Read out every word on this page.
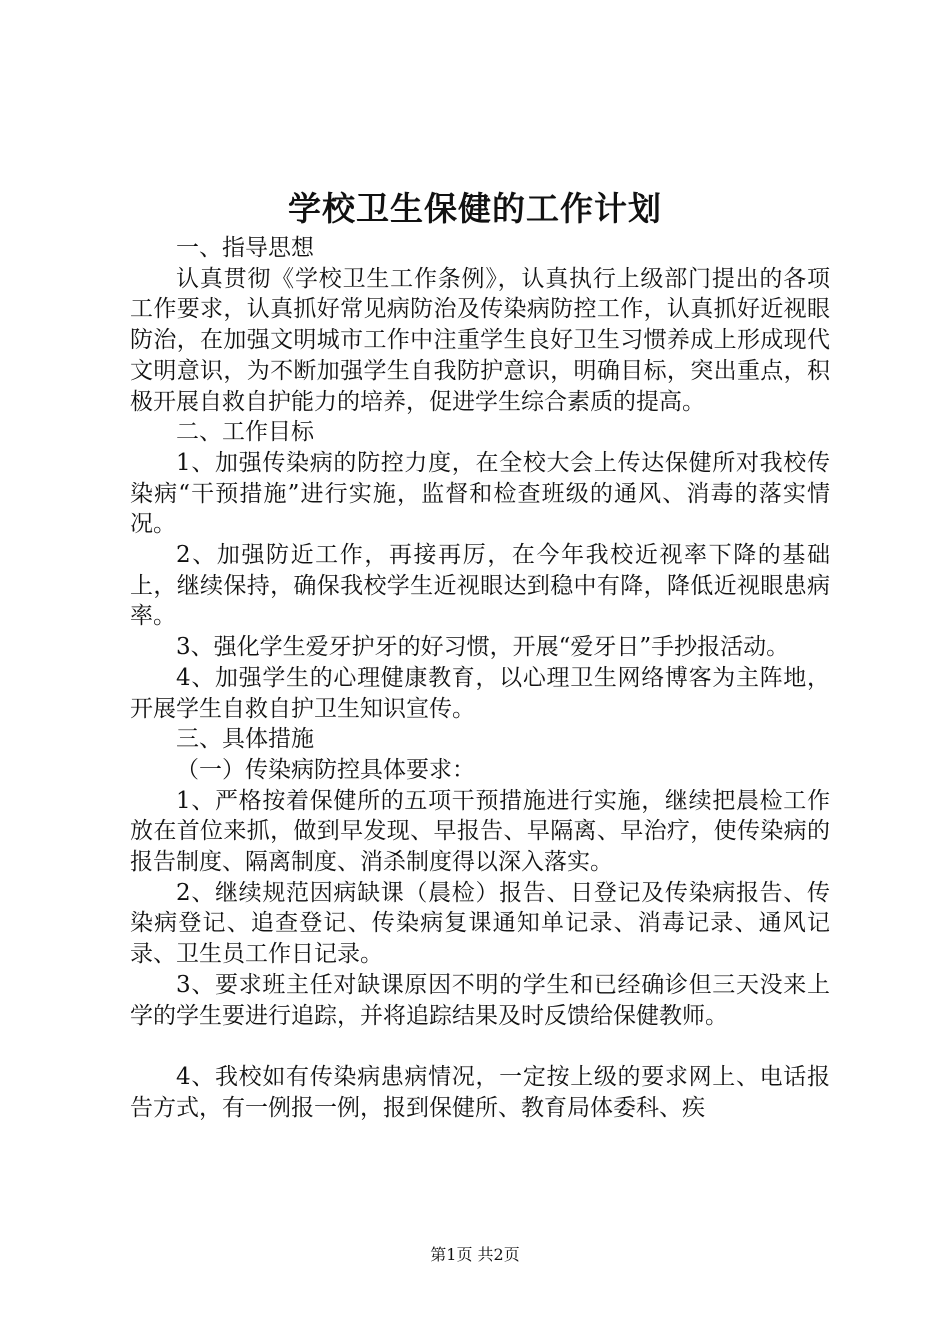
学校卫生保健的工作计划

一、指导思想

认真贯彻《学校卫生工作条例》，认真执行上级部门提出的各项工作要求，认真抓好常见病防治及传染病防控工作，认真抓好近视眼防治，在加强文明城市工作中注重学生良好卫生习惯养成上形成现代文明意识，为不断加强学生自我防护意识，明确目标，突出重点，积极开展自救自护能力的培养，促进学生综合素质的提高。

二、工作目标

1、加强传染病的防控力度，在全校大会上传达保健所对我校传染病“干预措施”进行实施，监督和检查班级的通风、消毒的落实情况。

2、加强防近工作，再接再厉，在今年我校近视率下降的基础上，继续保持，确保我校学生近视眼达到稳中有降，降低近视眼患病率。

3、强化学生爱牙护牙的好习惯，开展“爱牙日”手抄报活动。

4、加强学生的心理健康教育，以心理卫生网络博客为主阵地，开展学生自救自护卫生知识宣传。

三、具体措施

（一）传染病防控具体要求：

1、严格按着保健所的五项干预措施进行实施，继续把晨检工作放在首位来抓，做到早发现、早报告、早隔离、早治疗，使传染病的报告制度、隔离制度、消杀制度得以深入落实。

2、继续规范因病缺课（晨检）报告、日登记及传染病报告、传染病登记、追查登记、传染病复课通知单记录、消毒记录、通风记录、卫生员工作日记录。

3、要求班主任对缺课原因不明的学生和已经确诊但三天没来上学的学生要进行追踪，并将追踪结果及时反馈给保健教师。

4、我校如有传染病患病情况，一定按上级的要求网上、电话报告方式，有一例报一例，报到保健所、教育局体委科、疾

第1页 共2页
